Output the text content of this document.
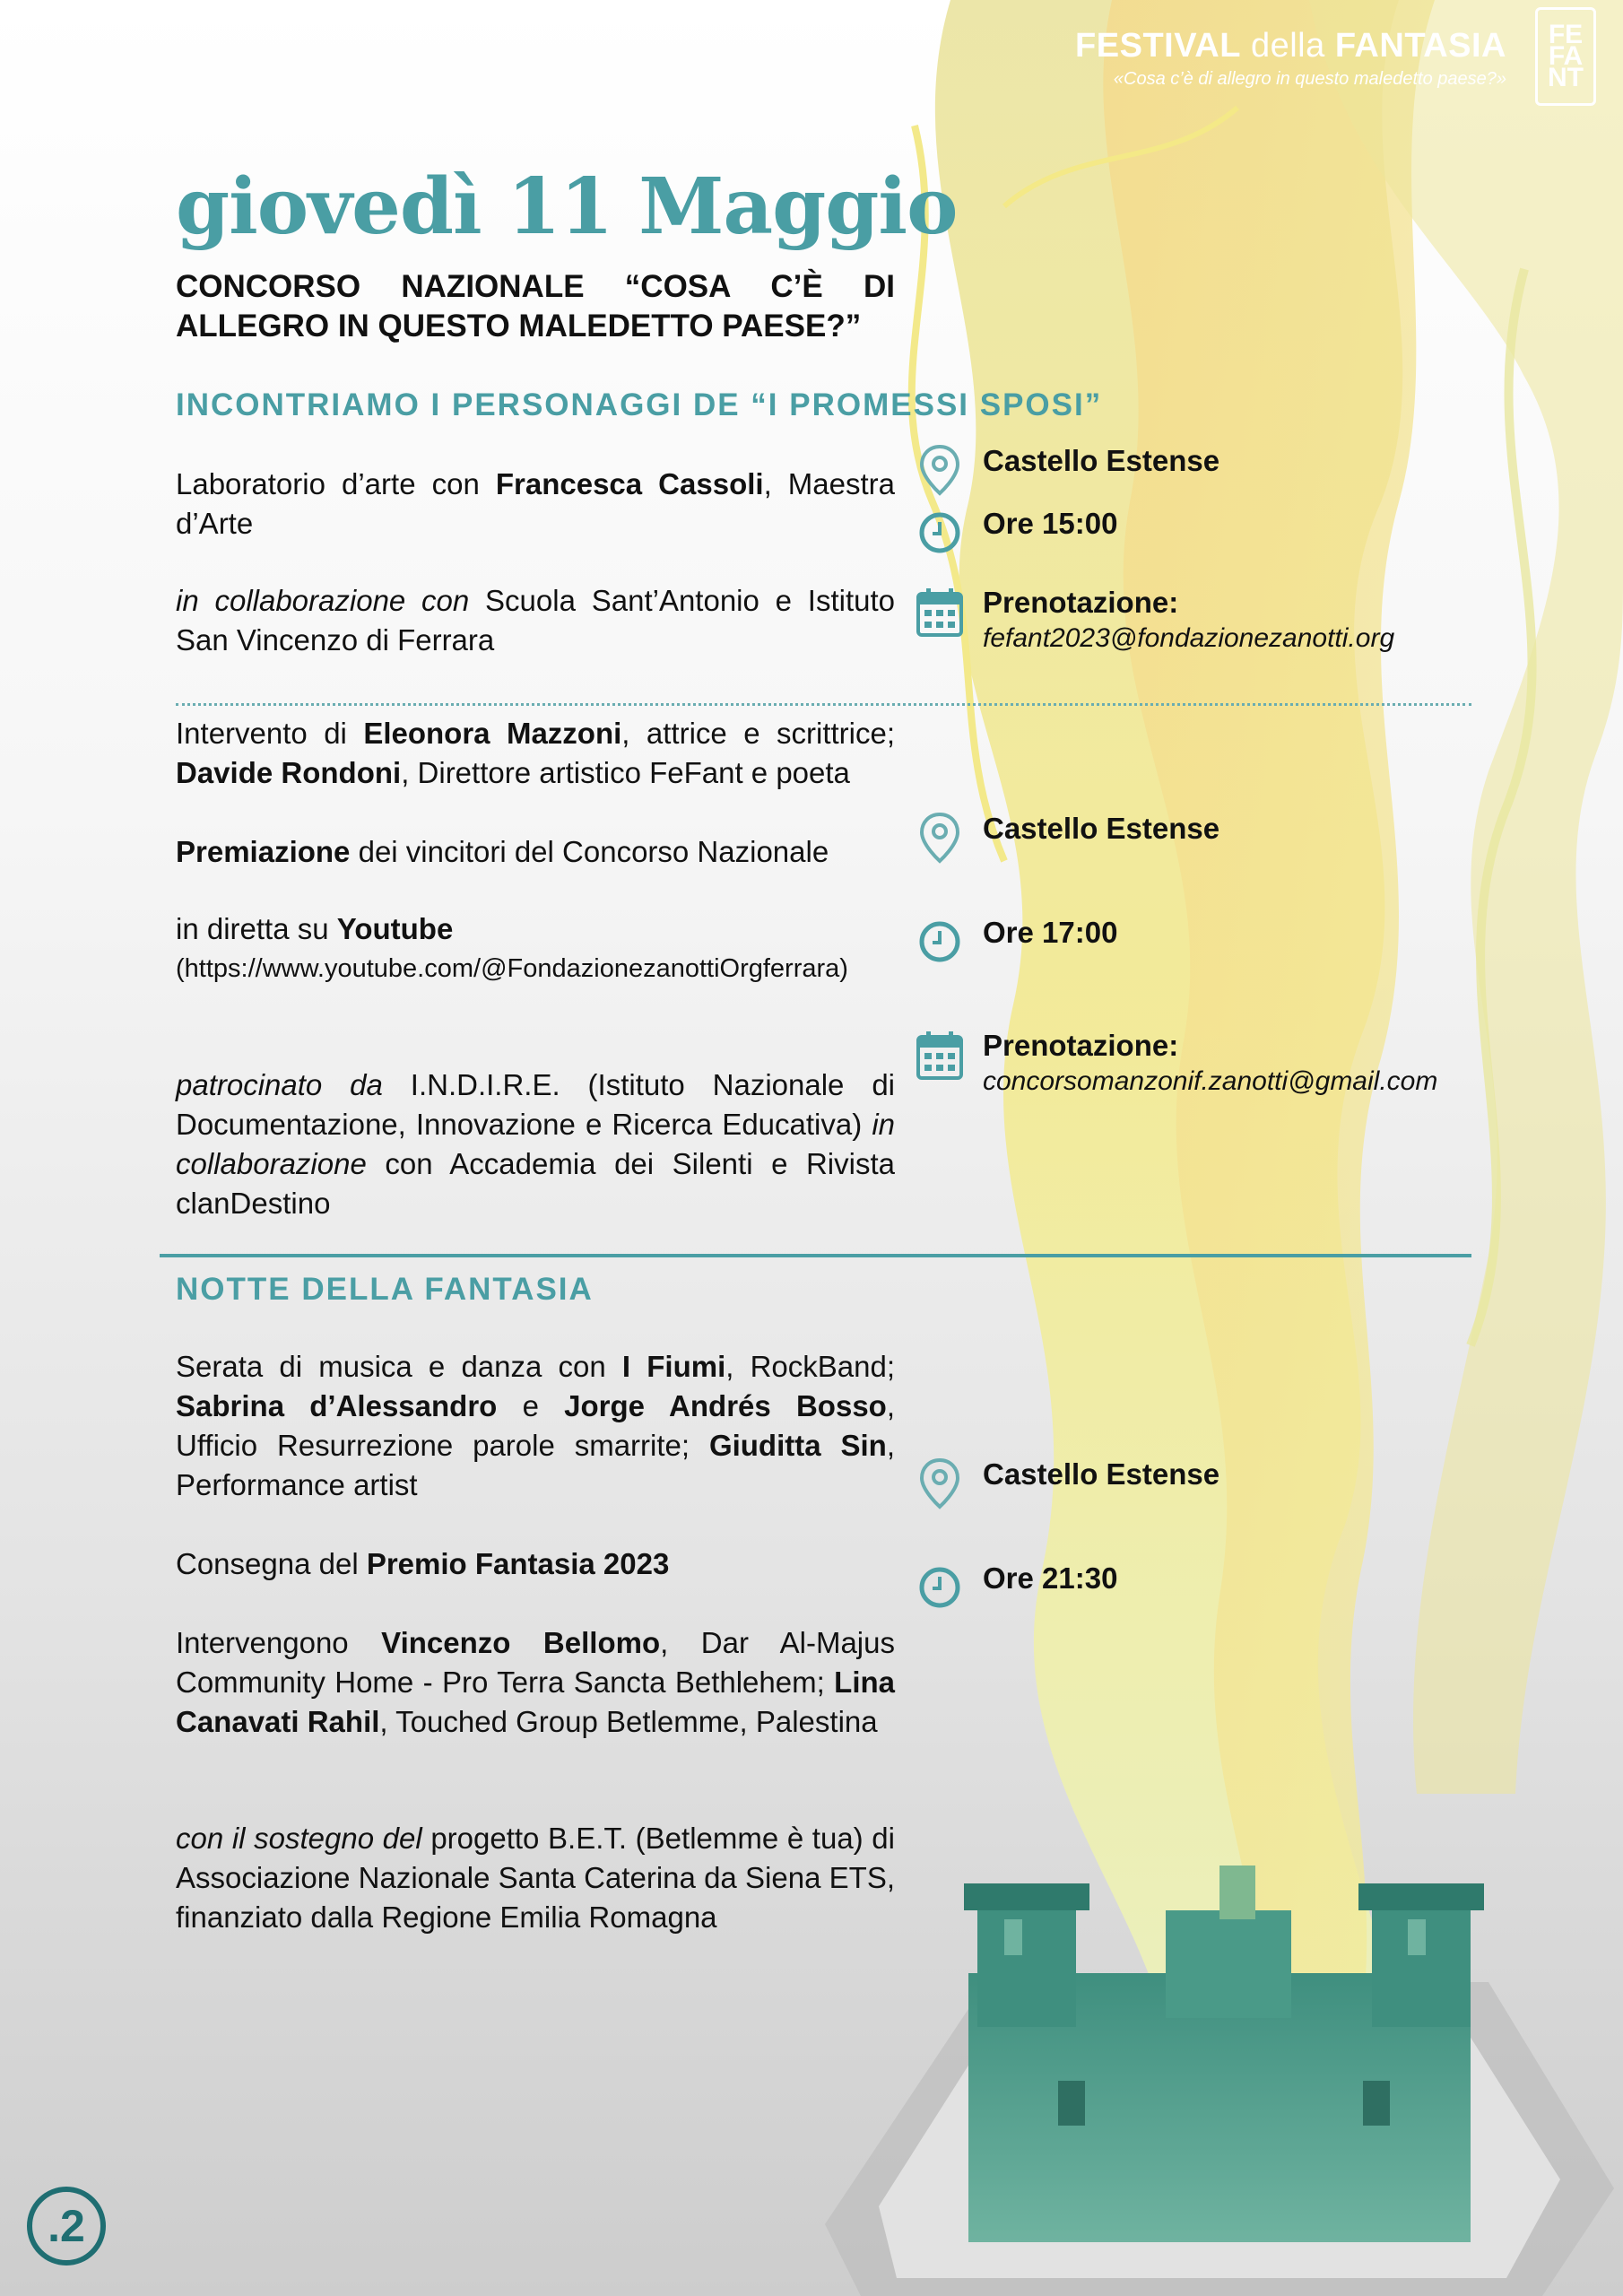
FESTIVAL della FANTASIA
«Cosa c’è di allegro in questo maledetto paese?»
FE
FA
NT
giovedì 11 Maggio
CONCORSO NAZIONALE “COSA C’È DI ALLEGRO IN QUESTO MALEDETTO PAESE?”
INCONTRIAMO I PERSONAGGI DE “I PROMESSI SPOSI”

Laboratorio d’arte con Francesca Cassoli, Maestra d’Arte

in collaborazione con Scuola Sant’Antonio e Istituto San Vincenzo di Ferrara

Castello Estense
Ore 15:00
Prenotazione:
fefant2023@fondazionezanotti.org

Intervento di Eleonora Mazzoni, attrice e scrittrice; Davide Rondoni, Direttore artistico FeFant e poeta

Premiazione dei vincitori del Concorso Nazionale

in diretta su Youtube

(https://www.youtube.com/@FondazionezanottiOrgferrara)

patrocinato da I.N.D.I.R.E. (Istituto Nazionale di Documentazione, Innovazione e Ricerca Educativa) in collaborazione con Accademia dei Silenti e Rivista clanDestino

Castello Estense
Ore 17:00
Prenotazione:
concorsomanzonif.zanotti@gmail.com
NOTTE DELLA FANTASIA

Serata di musica e danza con I Fiumi, RockBand; Sabrina d’Alessandro e Jorge Andrés Bosso, Ufficio Resurrezione parole smarrite; Giuditta Sin, Performance artist

Consegna del Premio Fantasia 2023

Intervengono Vincenzo Bellomo, Dar Al-Majus Community Home - Pro Terra Sancta Bethlehem; Lina Canavati Rahil, Touched Group Betlemme, Palestina

con il sostegno del progetto B.E.T. (Betlemme è tua) di Associazione Nazionale Santa Caterina da Siena ETS, finanziato dalla Regione Emilia Romagna

Castello Estense
Ore 21:30
.2
